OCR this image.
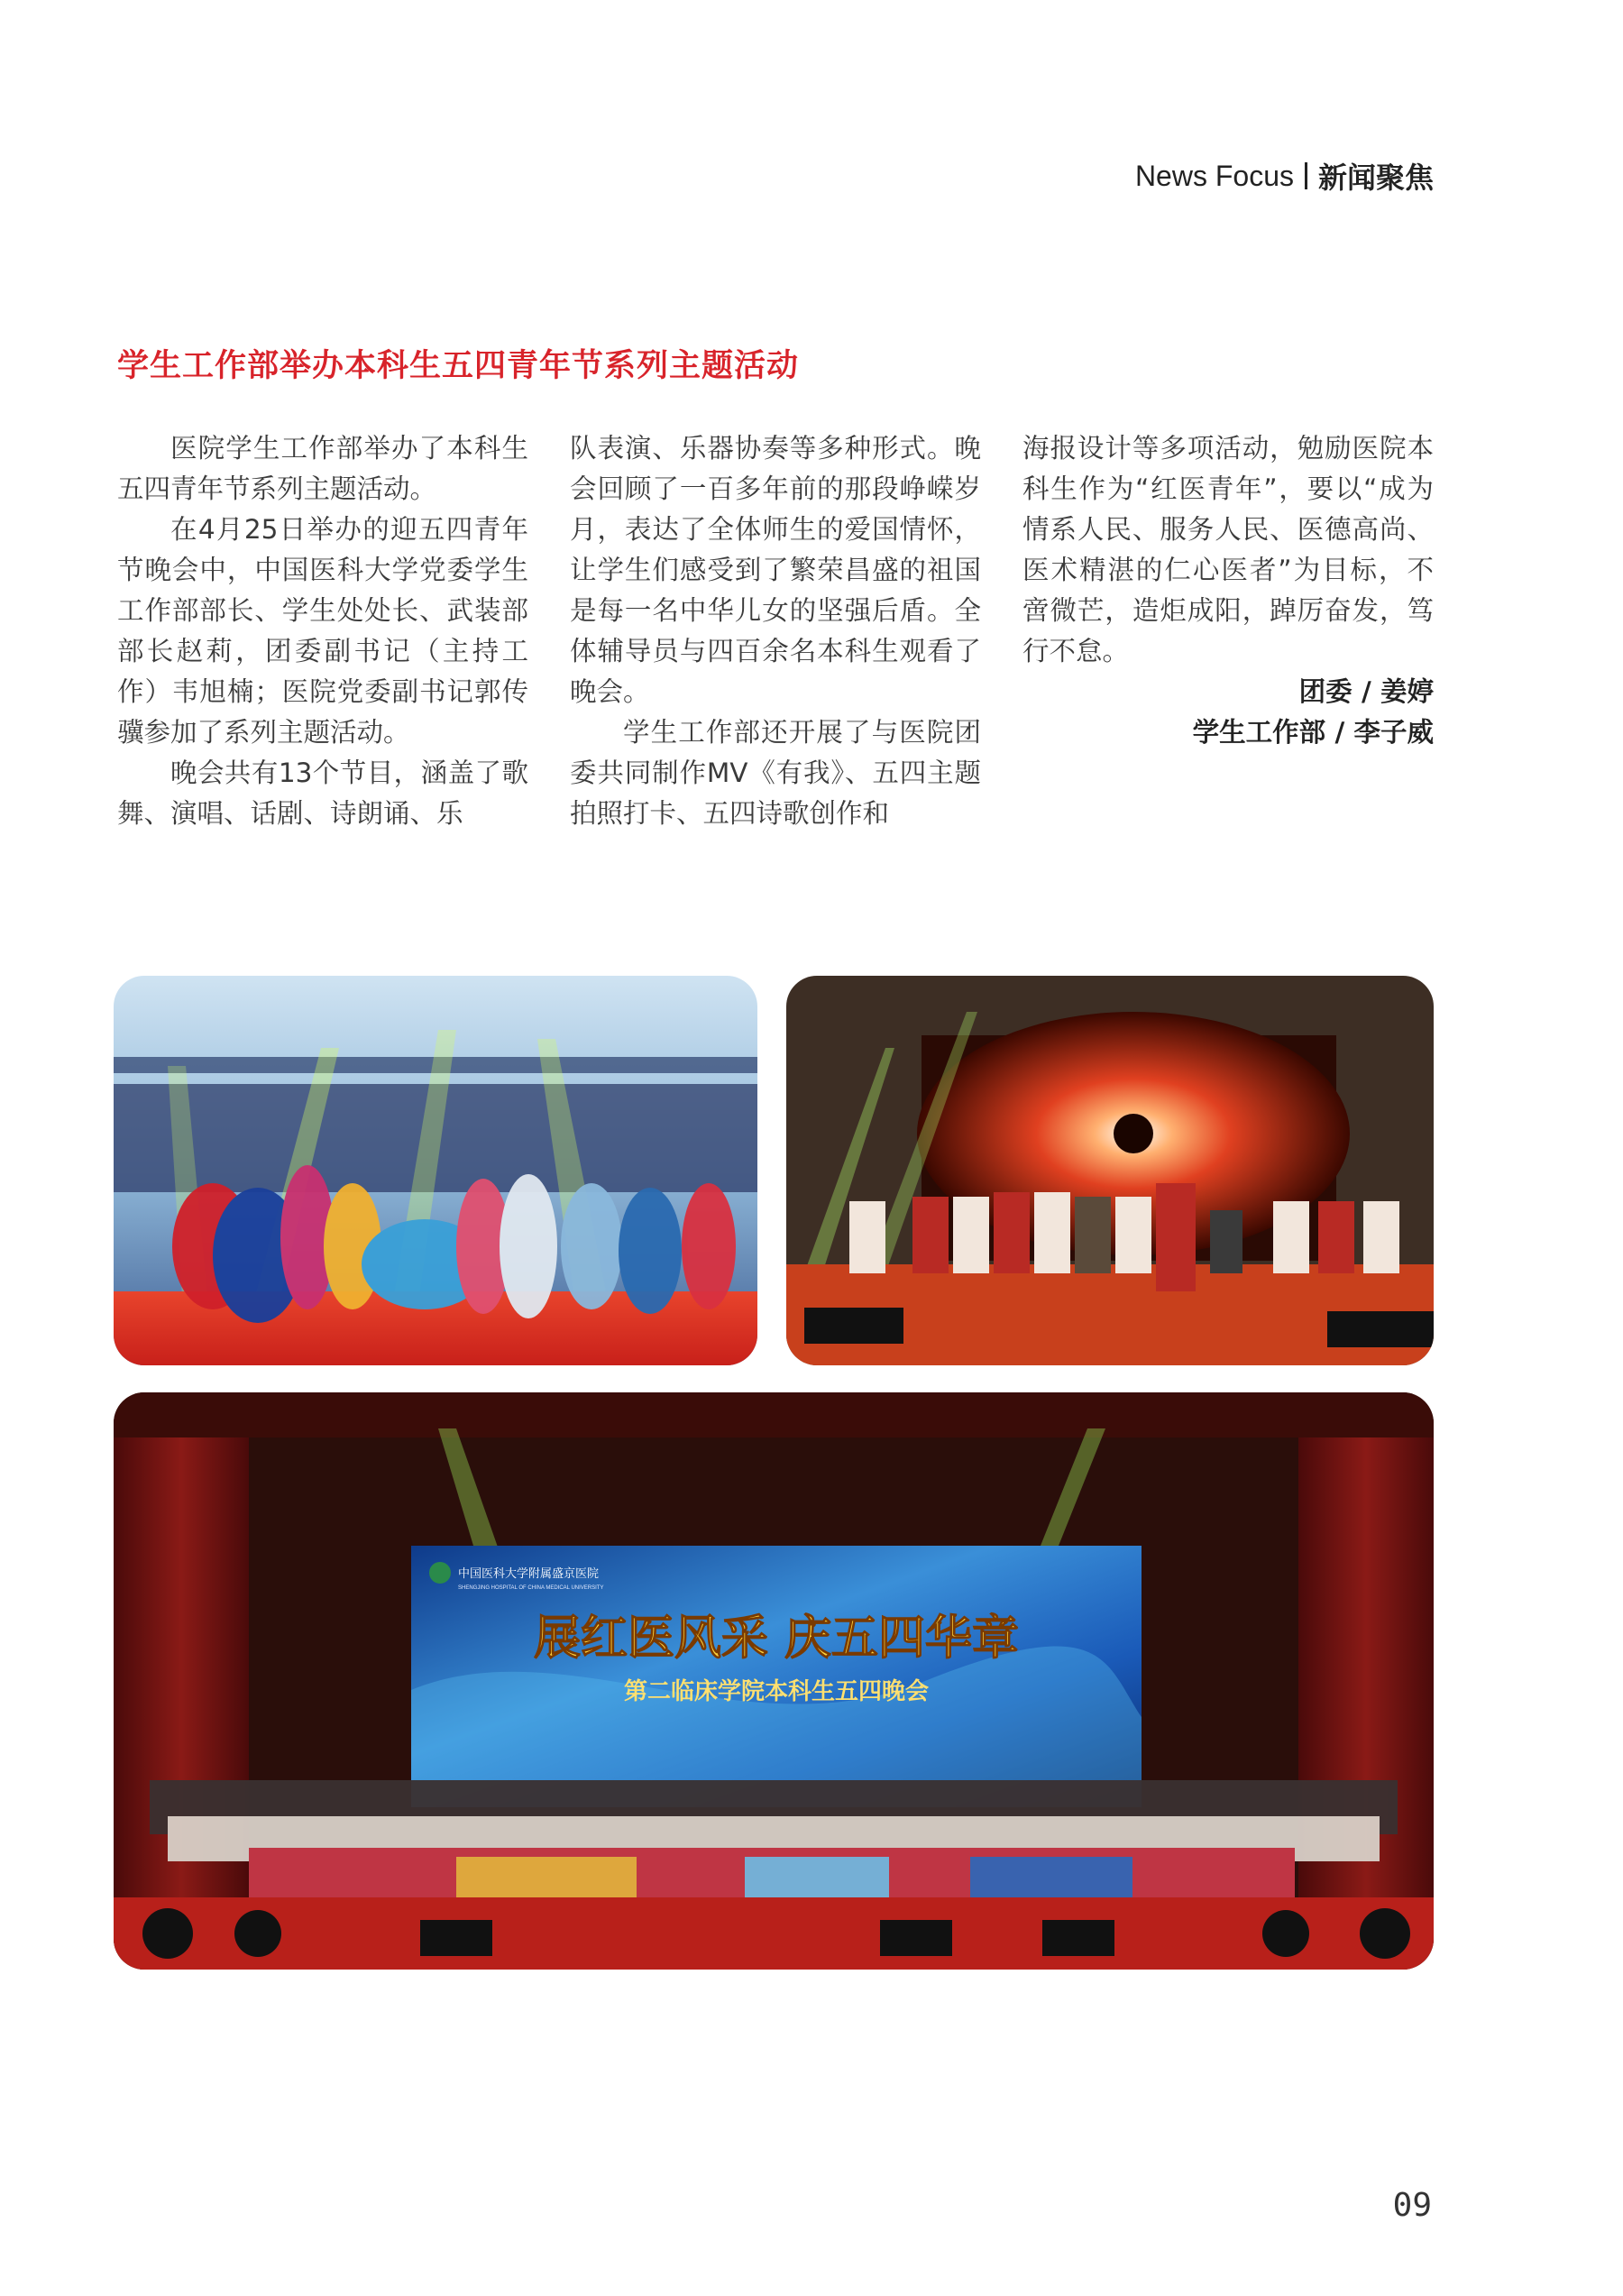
News Focus 新闻聚焦
学生工作部举办本科生五四青年节系列主题活动

医院学生工作部举办了本科生五四青年节系列主题活动。

在4月25日举办的迎五四青年节晚会中，中国医科大学党委学生工作部部长、学生处处长、武装部部长赵莉，团委副书记（主持工作）韦旭楠；医院党委副书记郭传骥参加了系列主题活动。

晚会共有13个节目，涵盖了歌舞、演唱、话剧、诗朗诵、乐

队表演、乐器协奏等多种形式。晚会回顾了一百多年前的那段峥嵘岁月，表达了全体师生的爱国情怀，让学生们感受到了繁荣昌盛的祖国是每一名中华儿女的坚强后盾。全体辅导员与四百余名本科生观看了晚会。

学生工作部还开展了与医院团委共同制作MV《有我》、五四主题拍照打卡、五四诗歌创作和

海报设计等多项活动，勉励医院本科生作为“红医青年”，要以“成为情系人民、服务人民、医德高尚、医术精湛的仁心医者”为目标，不啻微芒，造炬成阳，踔厉奋发，笃行不怠。

团委 / 姜婷

学生工作部 / 李子威

中国医科大学附属盛京医院
SHENGJING HOSPITAL OF CHINA MEDICAL UNIVERSITY
展红医风采 庆五四华章
第二临床学院本科生五四晚会
09
